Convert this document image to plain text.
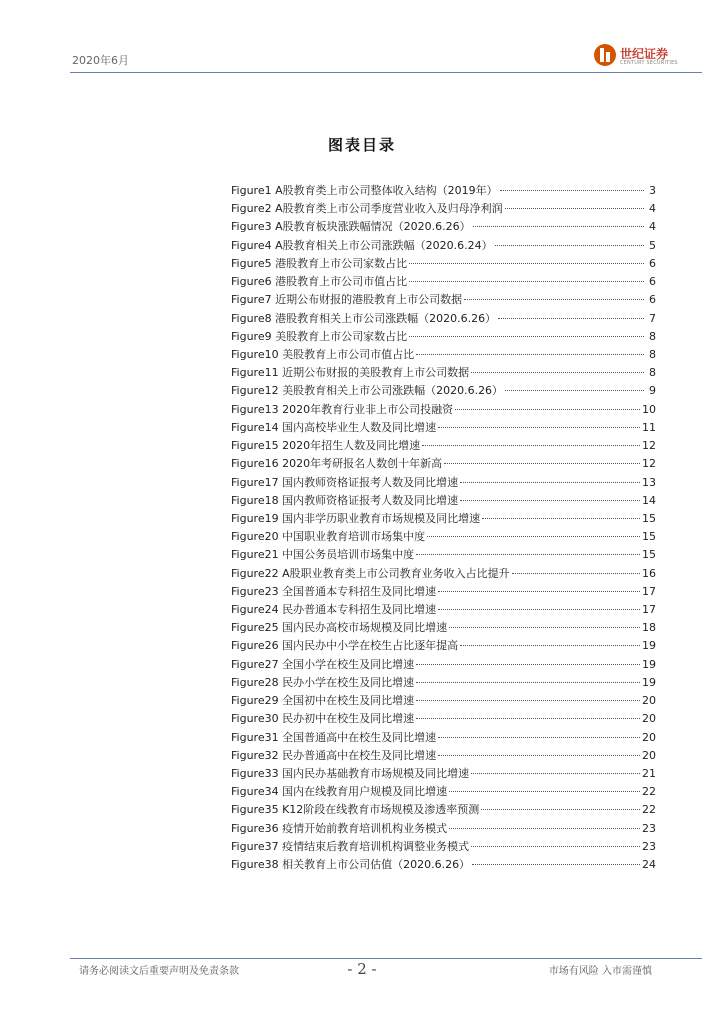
2020年6月	世纪证券
CENTURY SECURITIES
图表目录
Figure1 A股教育类上市公司整体收入结构（2019年）	3
Figure2 A股教育类上市公司季度营业收入及归母净利润	4
Figure3 A股教育板块涨跌幅情况（2020.6.26）	4
Figure4 A股教育相关上市公司涨跌幅（2020.6.24）	5
Figure5 港股教育上市公司家数占比	6
Figure6 港股教育上市公司市值占比	6
Figure7 近期公布财报的港股教育上市公司数据	6
Figure8 港股教育相关上市公司涨跌幅（2020.6.26）	7
Figure9 美股教育上市公司家数占比	8
Figure10 美股教育上市公司市值占比	8
Figure11 近期公布财报的美股教育上市公司数据	8
Figure12 美股教育相关上市公司涨跌幅（2020.6.26）	9
Figure13 2020年教育行业非上市公司投融资	10
Figure14 国内高校毕业生人数及同比增速	11
Figure15 2020年招生人数及同比增速	12
Figure16 2020年考研报名人数创十年新高	12
Figure17 国内教师资格证报考人数及同比增速	13
Figure18 国内教师资格证报考人数及同比增速	14
Figure19 国内非学历职业教育市场规模及同比增速	15
Figure20 中国职业教育培训市场集中度	15
Figure21 中国公务员培训市场集中度	15
Figure22 A股职业教育类上市公司教育业务收入占比提升	16
Figure23 全国普通本专科招生及同比增速	17
Figure24 民办普通本专科招生及同比增速	17
Figure25 国内民办高校市场规模及同比增速	18
Figure26 国内民办中小学在校生占比逐年提高	19
Figure27 全国小学在校生及同比增速	19
Figure28 民办小学在校生及同比增速	19
Figure29 全国初中在校生及同比增速	20
Figure30 民办初中在校生及同比增速	20
Figure31 全国普通高中在校生及同比增速	20
Figure32 民办普通高中在校生及同比增速	20
Figure33 国内民办基础教育市场规模及同比增速	21
Figure34 国内在线教育用户规模及同比增速	22
Figure35 K12阶段在线教育市场规模及渗透率预测	22
Figure36 疫情开始前教育培训机构业务模式	23
Figure37 疫情结束后教育培训机构调整业务模式	23
Figure38 相关教育上市公司估值（2020.6.26）	24
请务必阅读文后重要声明及免责条款	- 2 -	市场有风险 入市需谨慎
